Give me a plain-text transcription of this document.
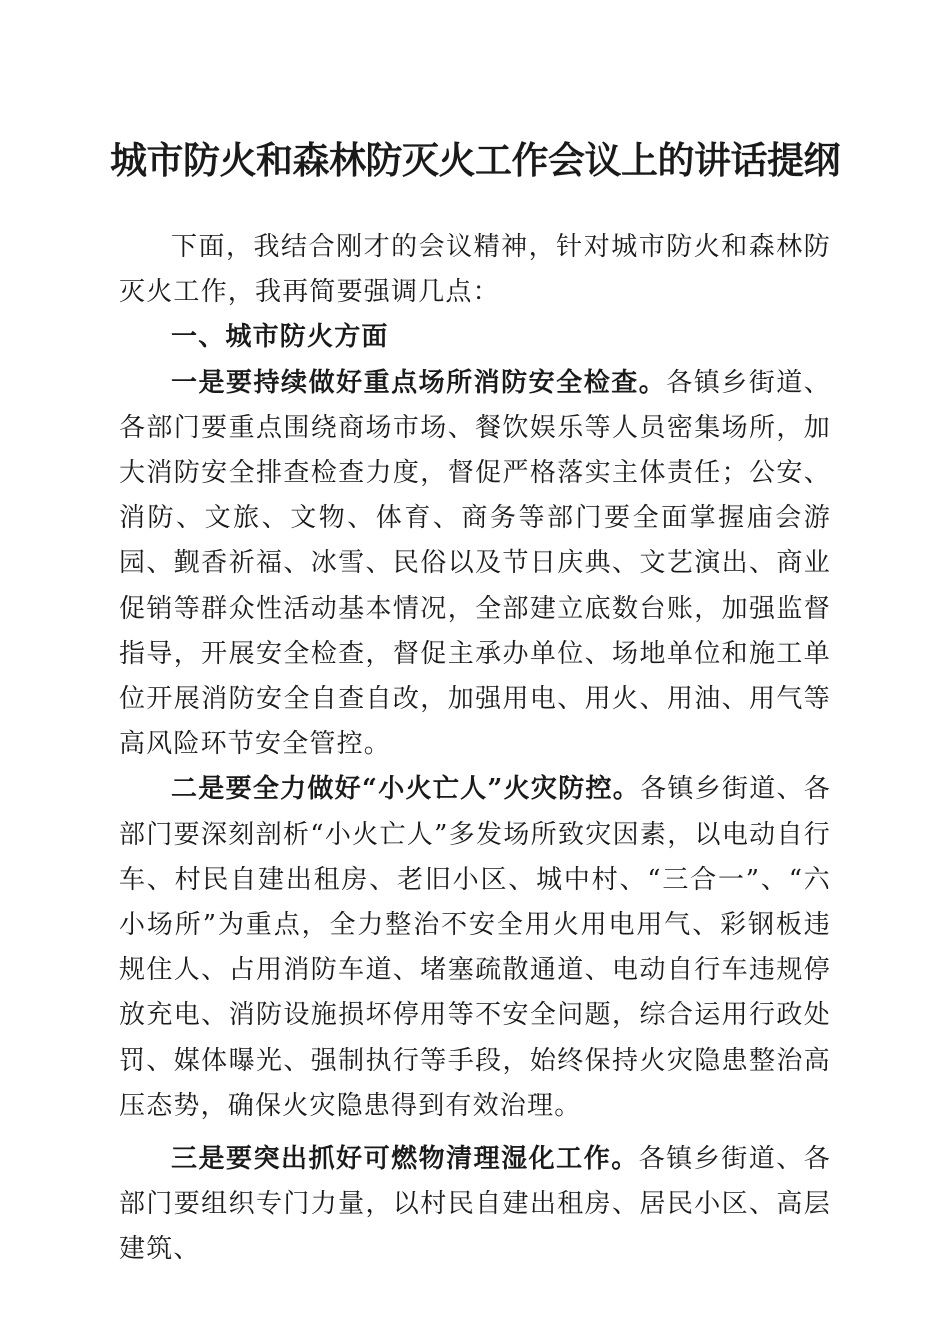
城市防火和森林防灭火工作会议上的讲话提纲

下面，我结合刚才的会议精神，针对城市防火和森林防灭火工作，我再简要强调几点：

一、城市防火方面

一是要持续做好重点场所消防安全检查。各镇乡街道、各部门要重点围绕商场市场、餐饮娱乐等人员密集场所，加大消防安全排查检查力度，督促严格落实主体责任；公安、消防、文旅、文物、体育、商务等部门要全面掌握庙会游园、觐香祈福、冰雪、民俗以及节日庆典、文艺演出、商业促销等群众性活动基本情况，全部建立底数台账，加强监督指导，开展安全检查，督促主承办单位、场地单位和施工单位开展消防安全自查自改，加强用电、用火、用油、用气等高风险环节安全管控。

二是要全力做好“小火亡人”火灾防控。各镇乡街道、各部门要深刻剖析“小火亡人”多发场所致灾因素，以电动自行车、村民自建出租房、老旧小区、城中村、“三合一”、“六小场所”为重点，全力整治不安全用火用电用气、彩钢板违规住人、占用消防车道、堵塞疏散通道、电动自行车违规停放充电、消防设施损坏停用等不安全问题，综合运用行政处罚、媒体曝光、强制执行等手段，始终保持火灾隐患整治高压态势，确保火灾隐患得到有效治理。

三是要突出抓好可燃物清理湿化工作。各镇乡街道、各部门要组织专门力量，以村民自建出租房、居民小区、高层建筑、
